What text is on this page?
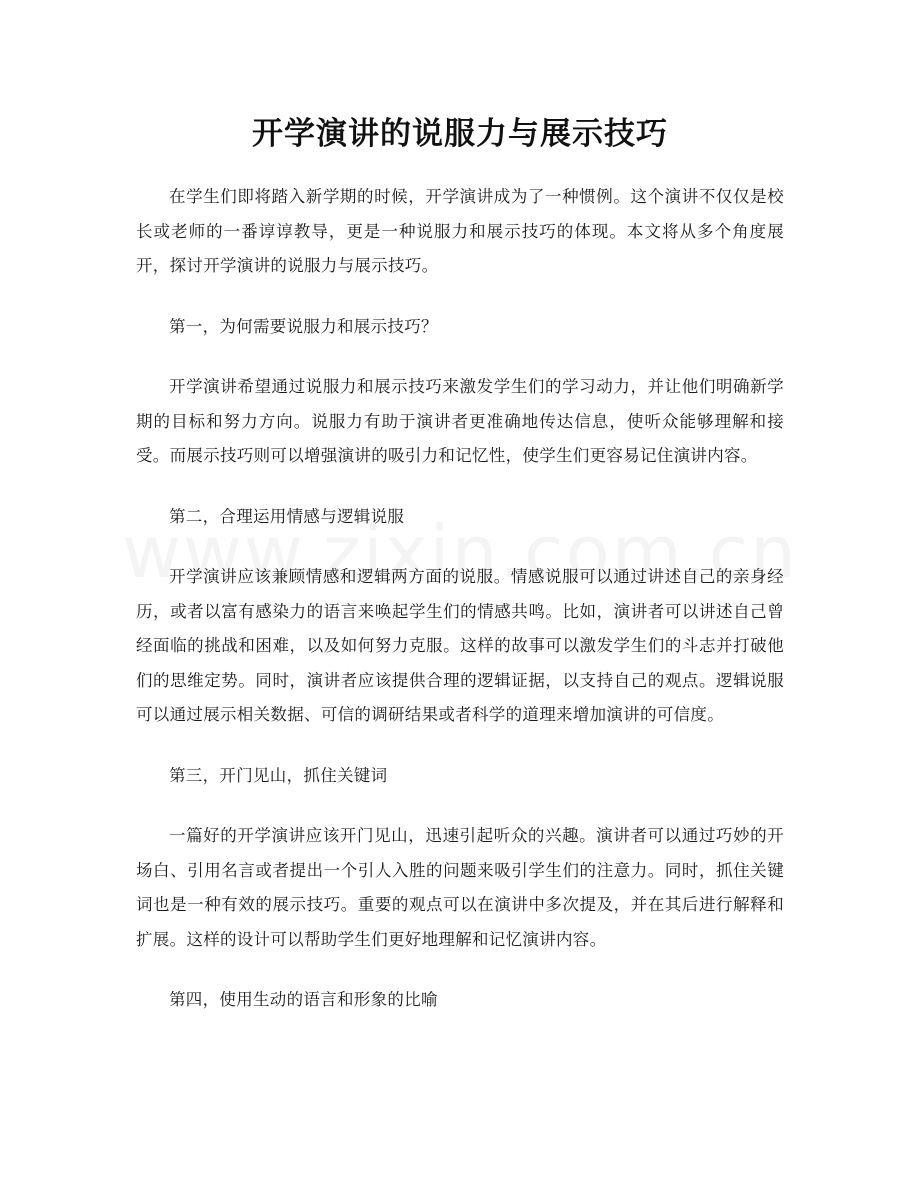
开学演讲的说服力与展示技巧

在学生们即将踏入新学期的时候，开学演讲成为了一种惯例。这个演讲不仅仅是校长或老师的一番谆谆教导，更是一种说服力和展示技巧的体现。本文将从多个角度展开，探讨开学演讲的说服力与展示技巧。

第一，为何需要说服力和展示技巧？

开学演讲希望通过说服力和展示技巧来激发学生们的学习动力，并让他们明确新学期的目标和努力方向。说服力有助于演讲者更准确地传达信息，使听众能够理解和接受。而展示技巧则可以增强演讲的吸引力和记忆性，使学生们更容易记住演讲内容。

第二，合理运用情感与逻辑说服

开学演讲应该兼顾情感和逻辑两方面的说服。情感说服可以通过讲述自己的亲身经历，或者以富有感染力的语言来唤起学生们的情感共鸣。比如，演讲者可以讲述自己曾经面临的挑战和困难，以及如何努力克服。这样的故事可以激发学生们的斗志并打破他们的思维定势。同时，演讲者应该提供合理的逻辑证据，以支持自己的观点。逻辑说服可以通过展示相关数据、可信的调研结果或者科学的道理来增加演讲的可信度。

第三，开门见山，抓住关键词

一篇好的开学演讲应该开门见山，迅速引起听众的兴趣。演讲者可以通过巧妙的开场白、引用名言或者提出一个引人入胜的问题来吸引学生们的注意力。同时，抓住关键词也是一种有效的展示技巧。重要的观点可以在演讲中多次提及，并在其后进行解释和扩展。这样的设计可以帮助学生们更好地理解和记忆演讲内容。

第四，使用生动的语言和形象的比喻
